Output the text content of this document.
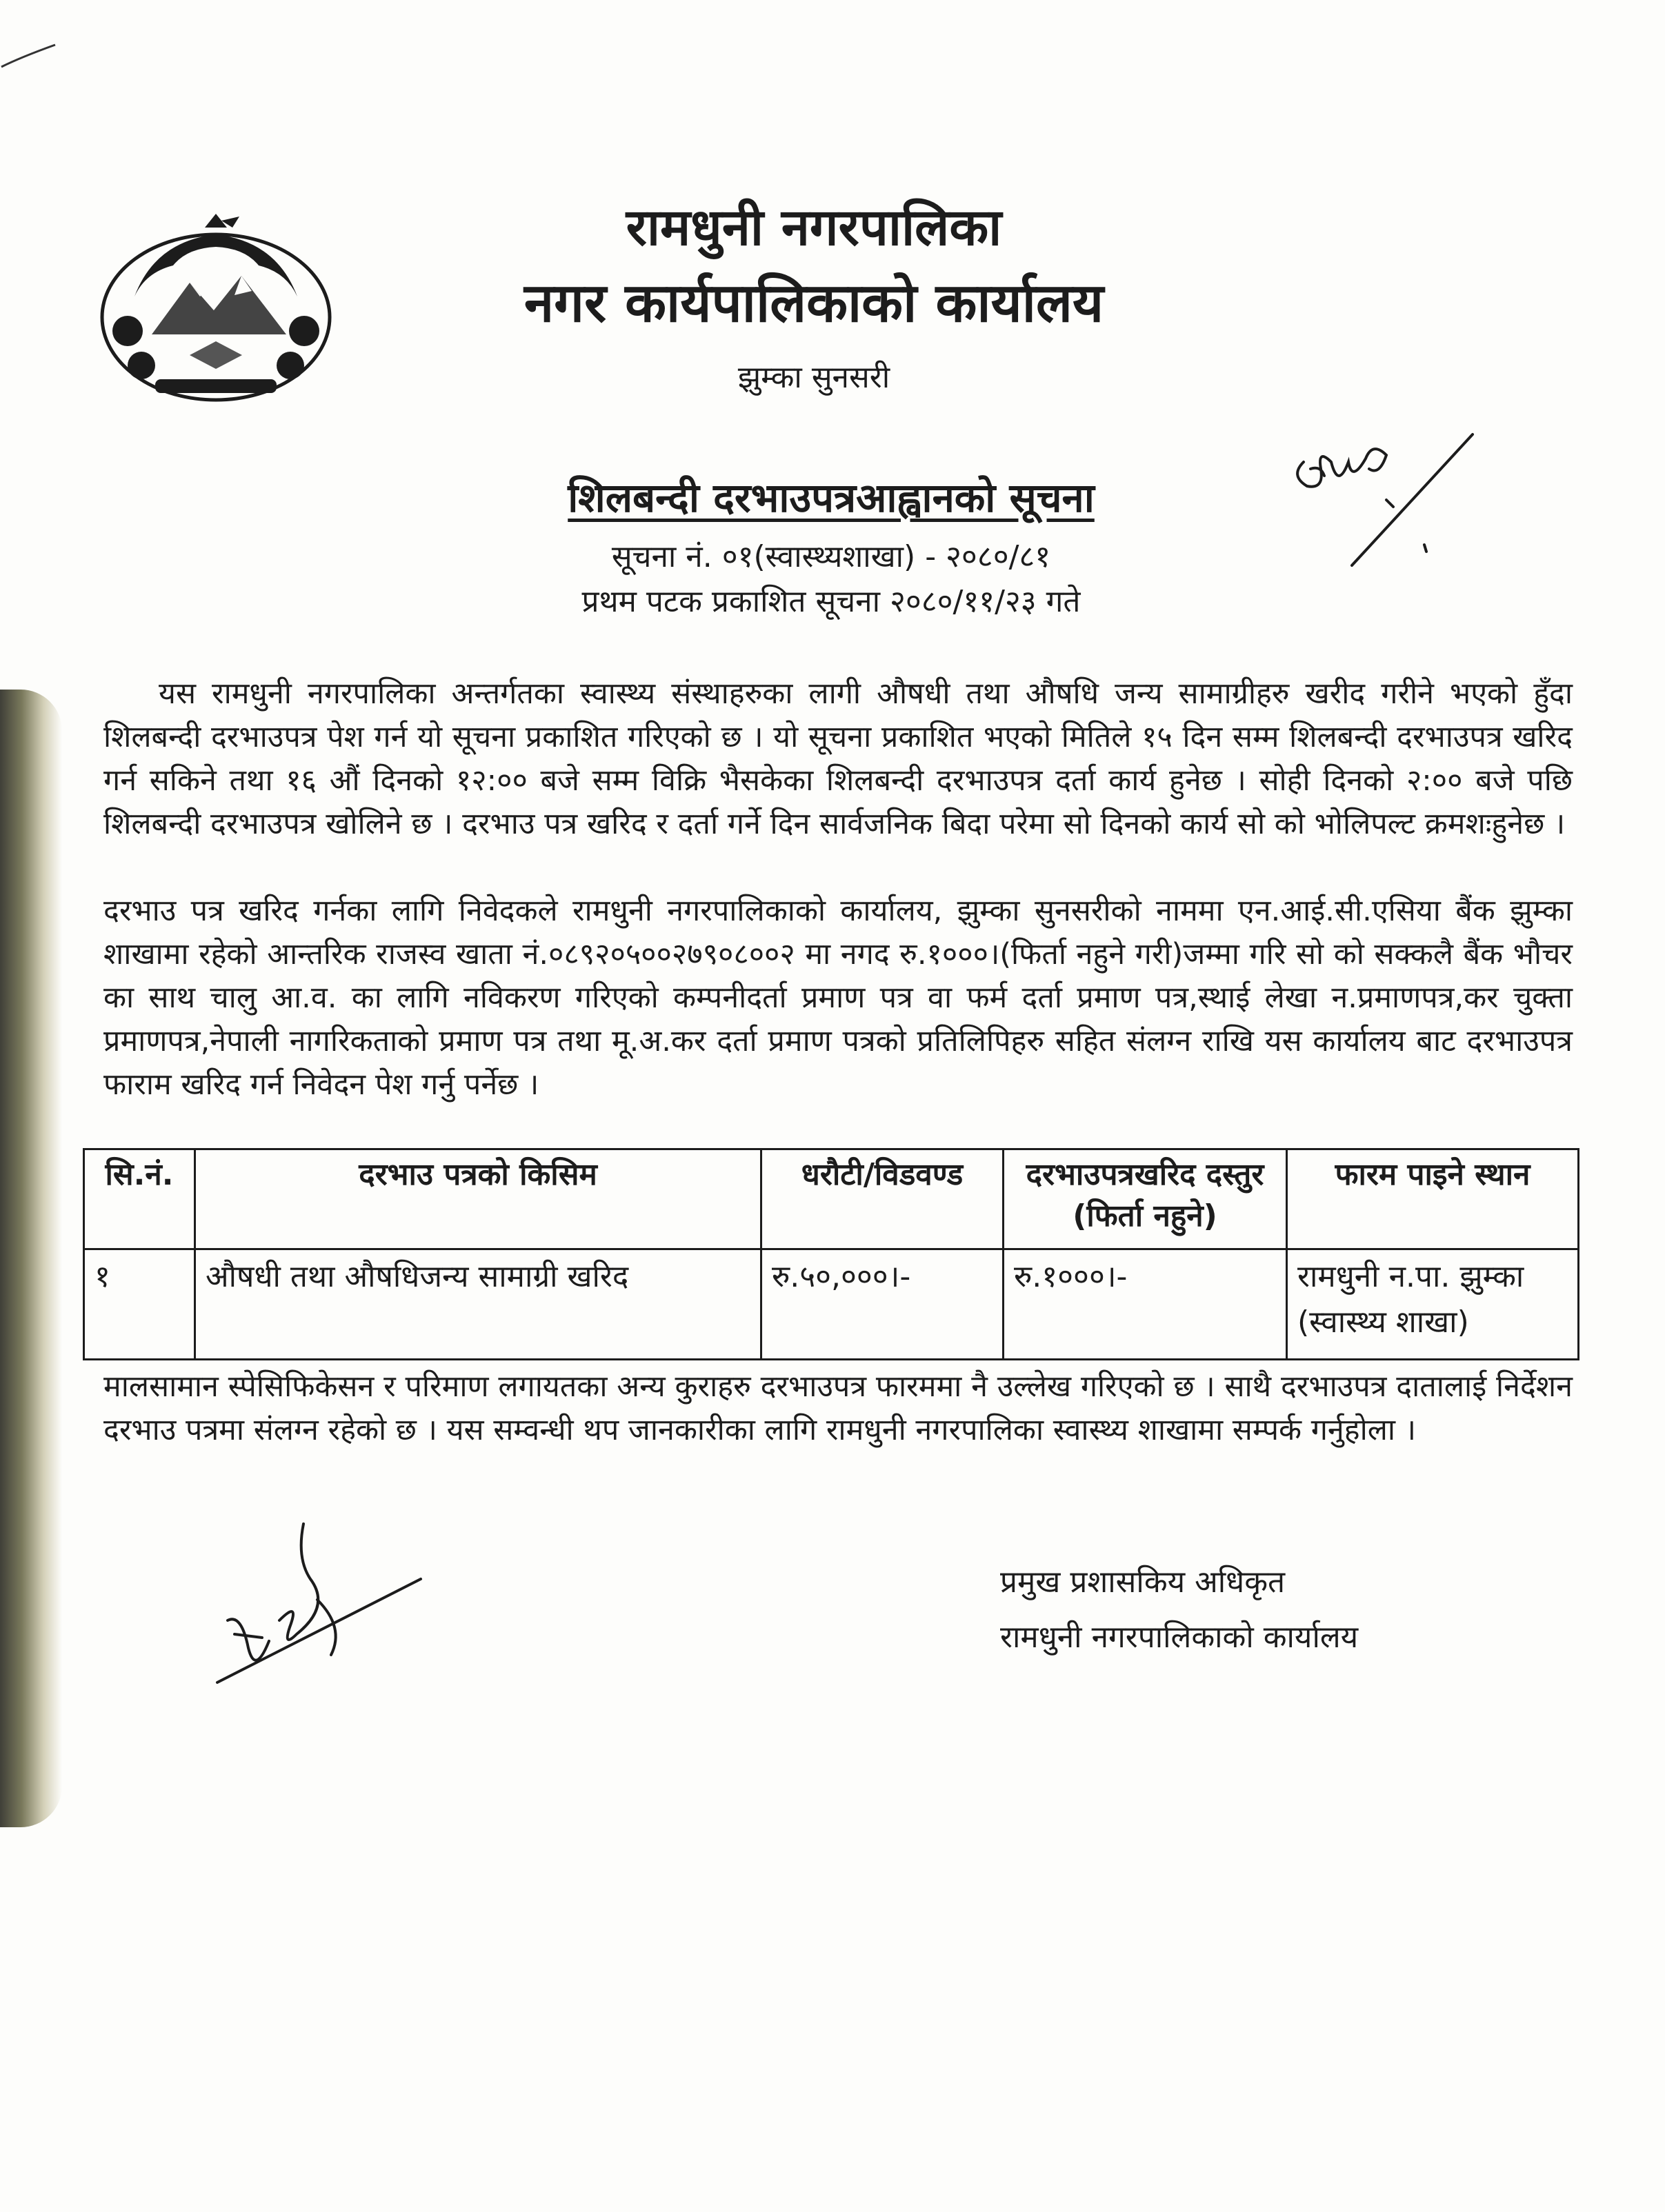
रामधुनी नगरपालिका
नगर कार्यपालिकाको कार्यालय
झुम्का सुनसरी
शिलबन्दी दरभाउपत्रआह्वानको सूचना
सूचना नं. ०१(स्वास्थ्यशाखा) - २०८०/८१
प्रथम पटक प्रकाशित सूचना २०८०/११/२३ गते

यस रामधुनी नगरपालिका अन्तर्गतका स्वास्थ्य संस्थाहरुका लागी औषधी तथा औषधि जन्य सामाग्रीहरु खरीद गरीने भएको हुँदा शिलबन्दी दरभाउपत्र पेश गर्न यो सूचना प्रकाशित गरिएको छ । यो सूचना प्रकाशित भएको मितिले १५ दिन सम्म शिलबन्दी दरभाउपत्र खरिद गर्न सकिने तथा १६ औं दिनको १२:०० बजे सम्म विक्रि भैसकेका शिलबन्दी दरभाउपत्र दर्ता कार्य हुनेछ । सोही दिनको २:०० बजे पछि शिलबन्दी दरभाउपत्र खोलिने छ । दरभाउ पत्र खरिद र दर्ता गर्ने दिन सार्वजनिक बिदा परेमा सो दिनको कार्य सो को भोलिपल्ट क्रमशःहुनेछ ।

दरभाउ पत्र खरिद गर्नका लागि निवेदकले रामधुनी नगरपालिकाको कार्यालय, झुम्का सुनसरीको नाममा एन.आई.सी.एसिया बैंक झुम्का शाखामा रहेको आन्तरिक राजस्व खाता नं.०८९२०५००२७९०८००२ मा नगद रु.१०००।(फिर्ता नहुने गरी)जम्मा गरि सो को सक्कलै बैंक भौचर का साथ चालु आ.व. का लागि नविकरण गरिएको कम्पनीदर्ता प्रमाण पत्र वा फर्म दर्ता प्रमाण पत्र,स्थाई लेखा न.प्रमाणपत्र,कर चुक्ता प्रमाणपत्र,नेपाली नागरिकताको प्रमाण पत्र तथा मू.अ.कर दर्ता प्रमाण पत्रको प्रतिलिपिहरु सहित संलग्न राखि यस कार्यालय बाट दरभाउपत्र फाराम खरिद गर्न निवेदन पेश गर्नु पर्नेछ ।

सि.नं.	दरभाउ पत्रको किसिम	धरौटी/विडवण्ड	दरभाउपत्रखरिद दस्तुर (फिर्ता नहुने)	फारम पाइने स्थान
१	औषधी तथा औषधिजन्य सामाग्री खरिद	रु.५०,०००।-	रु.१०००।-	रामधुनी न.पा. झुम्का (स्वास्थ्य शाखा)

मालसामान स्पेसिफिकेसन र परिमाण लगायतका अन्य कुराहरु दरभाउपत्र फारममा नै उल्लेख गरिएको छ । साथै दरभाउपत्र दातालाई निर्देशन दरभाउ पत्रमा संलग्न रहेको छ । यस सम्वन्धी थप जानकारीका लागि रामधुनी नगरपालिका स्वास्थ्य शाखामा सम्पर्क गर्नुहोला ।

प्रमुख प्रशासकिय अधिकृत
रामधुनी नगरपालिकाको कार्यालय
